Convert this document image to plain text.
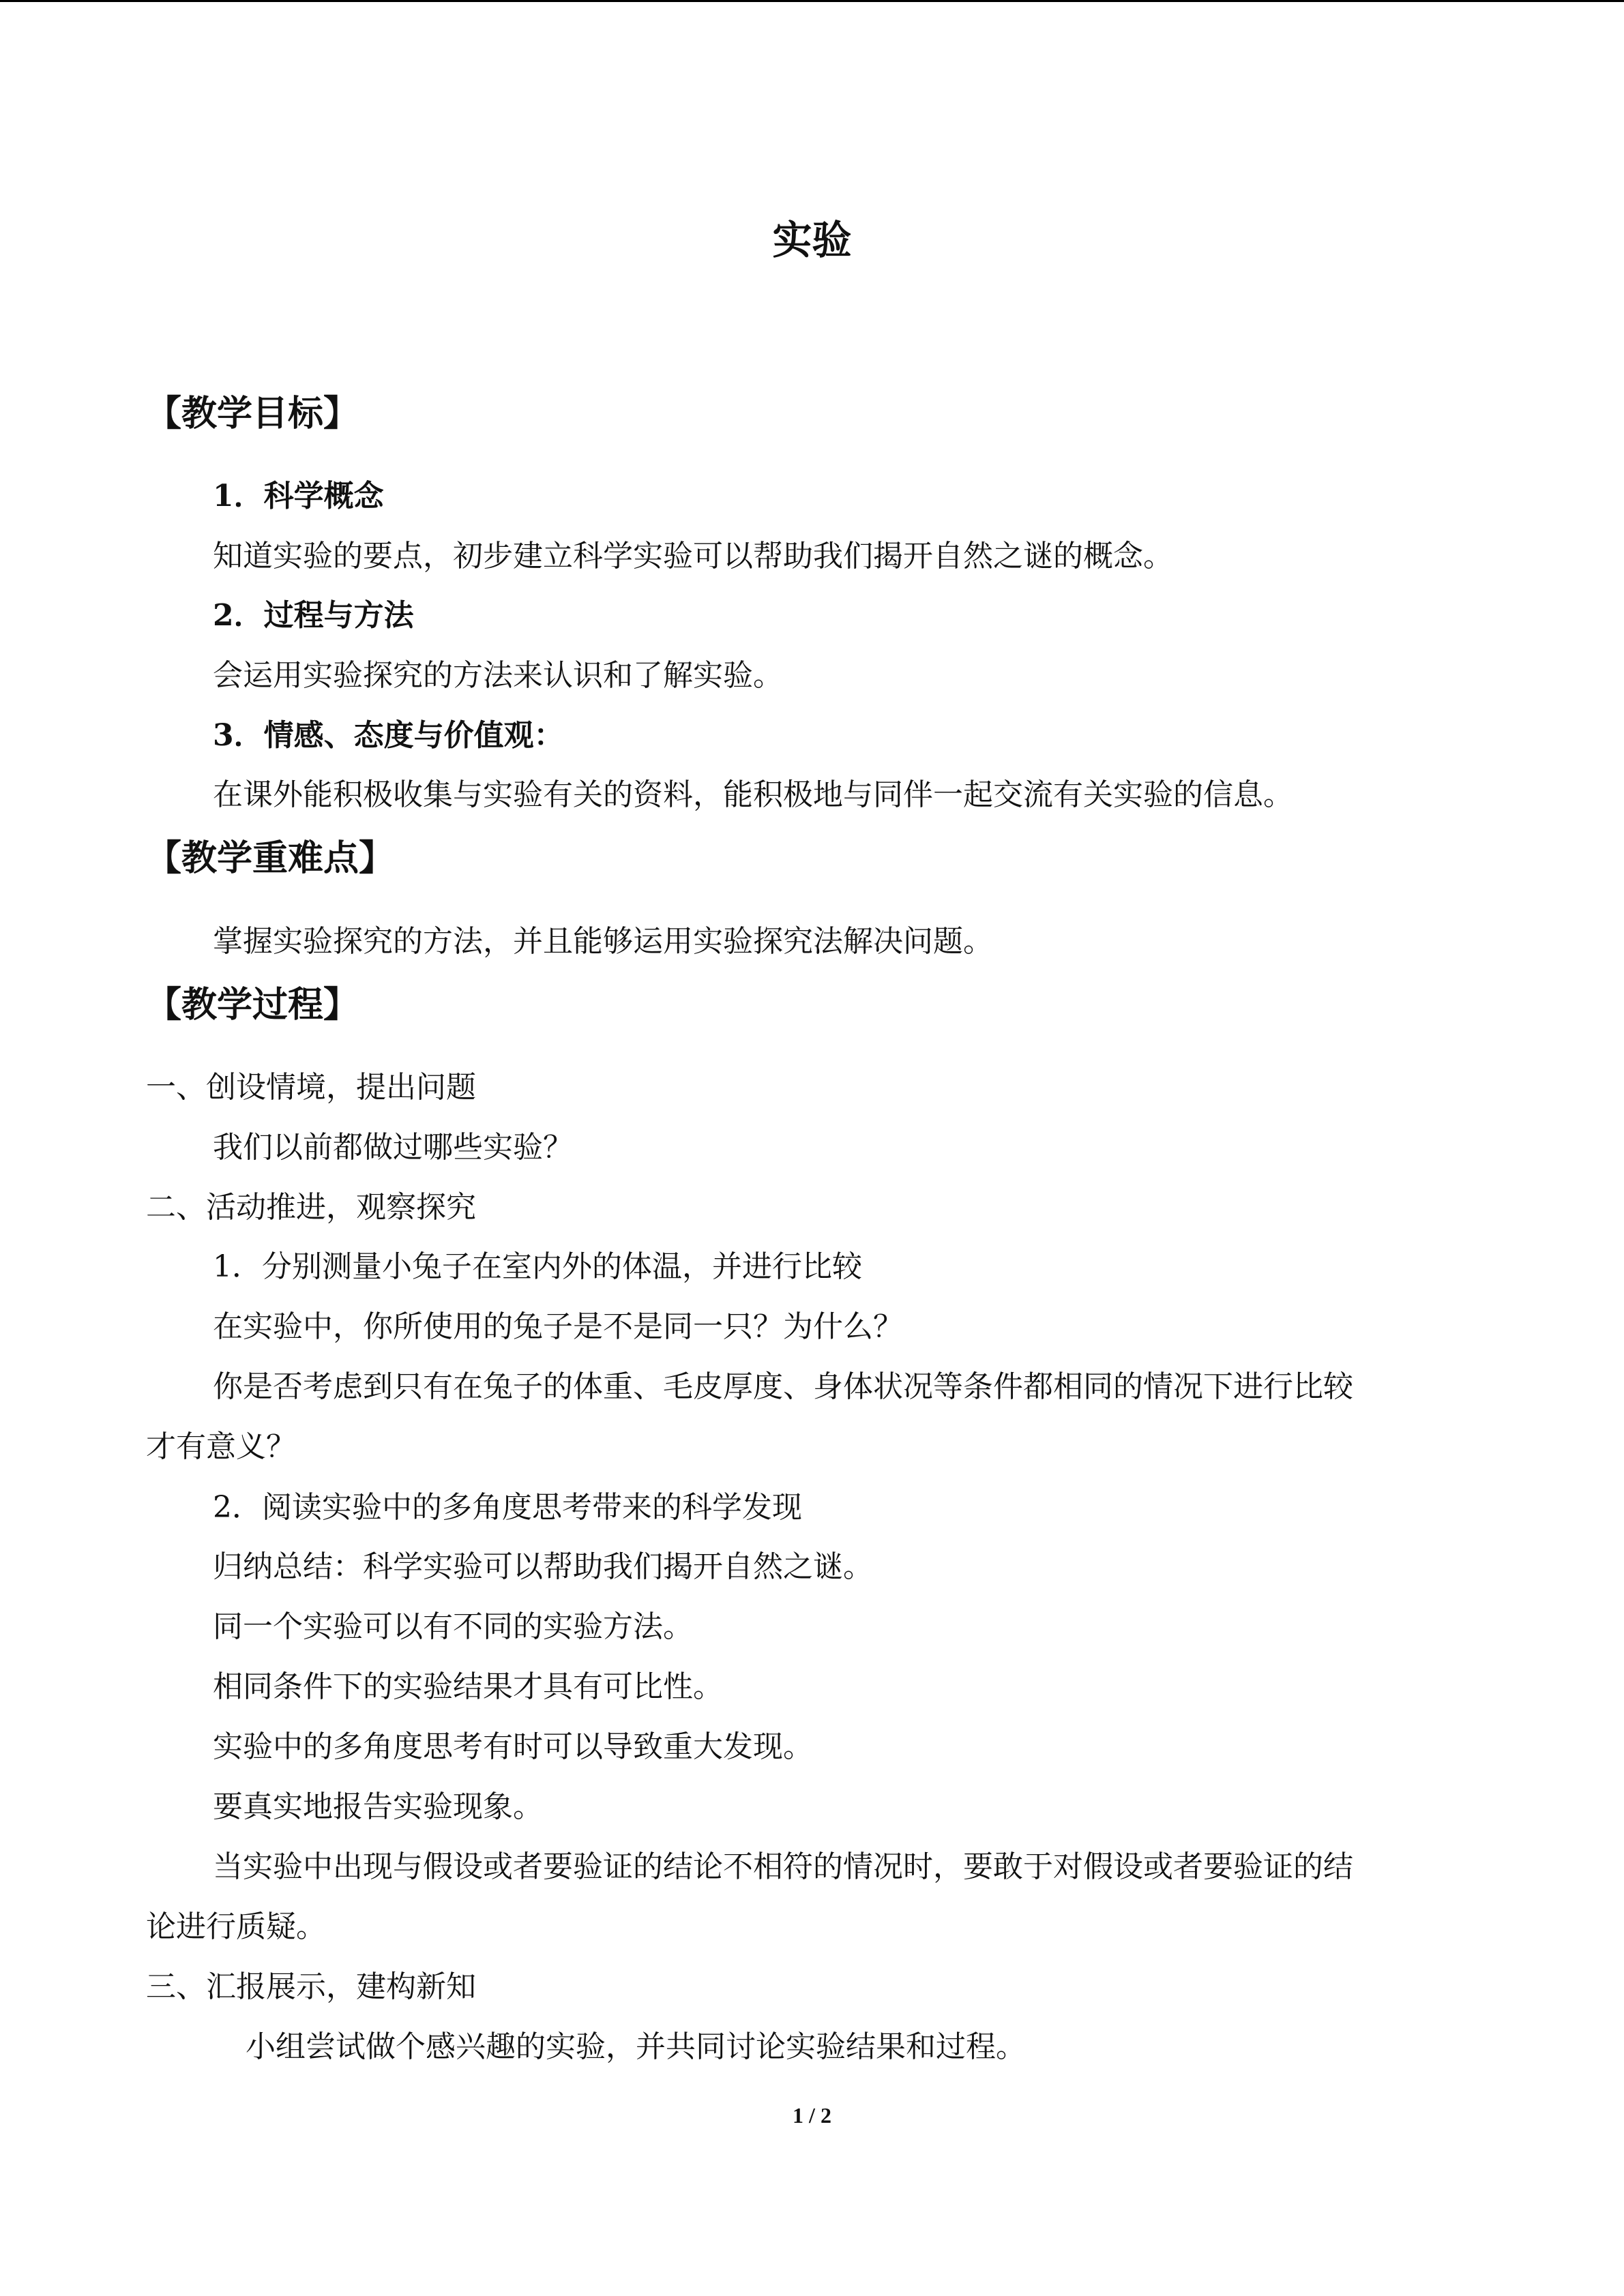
实验
【教学目标】
1．科学概念
知道实验的要点，初步建立科学实验可以帮助我们揭开自然之谜的概念。
2．过程与方法
会运用实验探究的方法来认识和了解实验。
3．情感、态度与价值观：
在课外能积极收集与实验有关的资料，能积极地与同伴一起交流有关实验的信息。
【教学重难点】
掌握实验探究的方法，并且能够运用实验探究法解决问题。
【教学过程】
一、创设情境，提出问题
我们以前都做过哪些实验？
二、活动推进，观察探究
1．分别测量小兔子在室内外的体温，并进行比较
在实验中，你所使用的兔子是不是同一只？为什么？
你是否考虑到只有在兔子的体重、毛皮厚度、身体状况等条件都相同的情况下进行比较
才有意义？
2．阅读实验中的多角度思考带来的科学发现
归纳总结：科学实验可以帮助我们揭开自然之谜。
同一个实验可以有不同的实验方法。
相同条件下的实验结果才具有可比性。
实验中的多角度思考有时可以导致重大发现。
要真实地报告实验现象。
当实验中出现与假设或者要验证的结论不相符的情况时，要敢于对假设或者要验证的结
论进行质疑。
三、汇报展示，建构新知
小组尝试做个感兴趣的实验，并共同讨论实验结果和过程。
1 / 2
